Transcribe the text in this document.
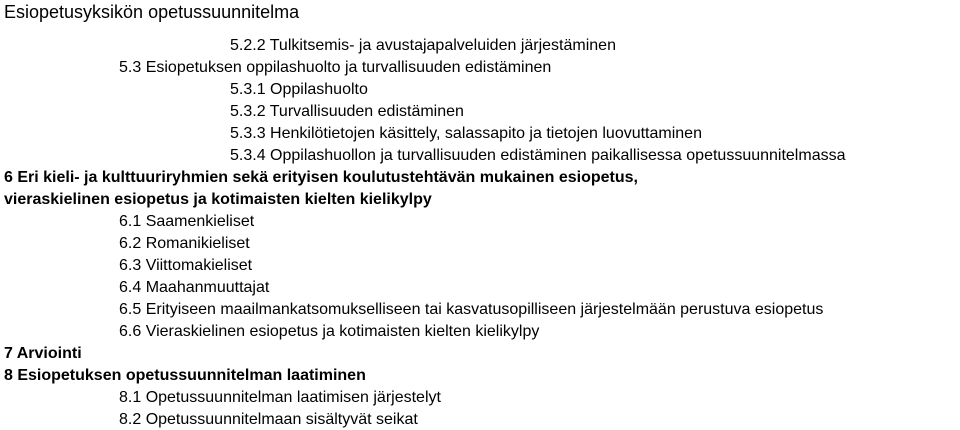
Esiopetusyksikön opetussuunnitelma
5.2.2 Tulkitsemis- ja avustajapalveluiden järjestäminen
5.3 Esiopetuksen oppilashuolto ja turvallisuuden edistäminen
5.3.1 Oppilashuolto
5.3.2 Turvallisuuden edistäminen
5.3.3 Henkilötietojen käsittely, salassapito ja tietojen luovuttaminen
5.3.4 Oppilashuollon ja turvallisuuden edistäminen paikallisessa opetussuunnitelmassa
6 Eri kieli- ja kulttuuriryhmien sekä erityisen koulutustehtävän mukainen esiopetus,
vieraskielinen esiopetus ja kotimaisten kielten kielikylpy
6.1 Saamenkieliset
6.2 Romanikieliset
6.3 Viittomakieliset
6.4 Maahanmuuttajat
6.5 Erityiseen maailmankatsomukselliseen tai kasvatusopilliseen järjestelmään perustuva esiopetus
6.6 Vieraskielinen esiopetus ja kotimaisten kielten kielikylpy
7 Arviointi
8 Esiopetuksen opetussuunnitelman laatiminen
8.1 Opetussuunnitelman laatimisen järjestelyt
8.2 Opetussuunnitelmaan sisältyvät seikat
